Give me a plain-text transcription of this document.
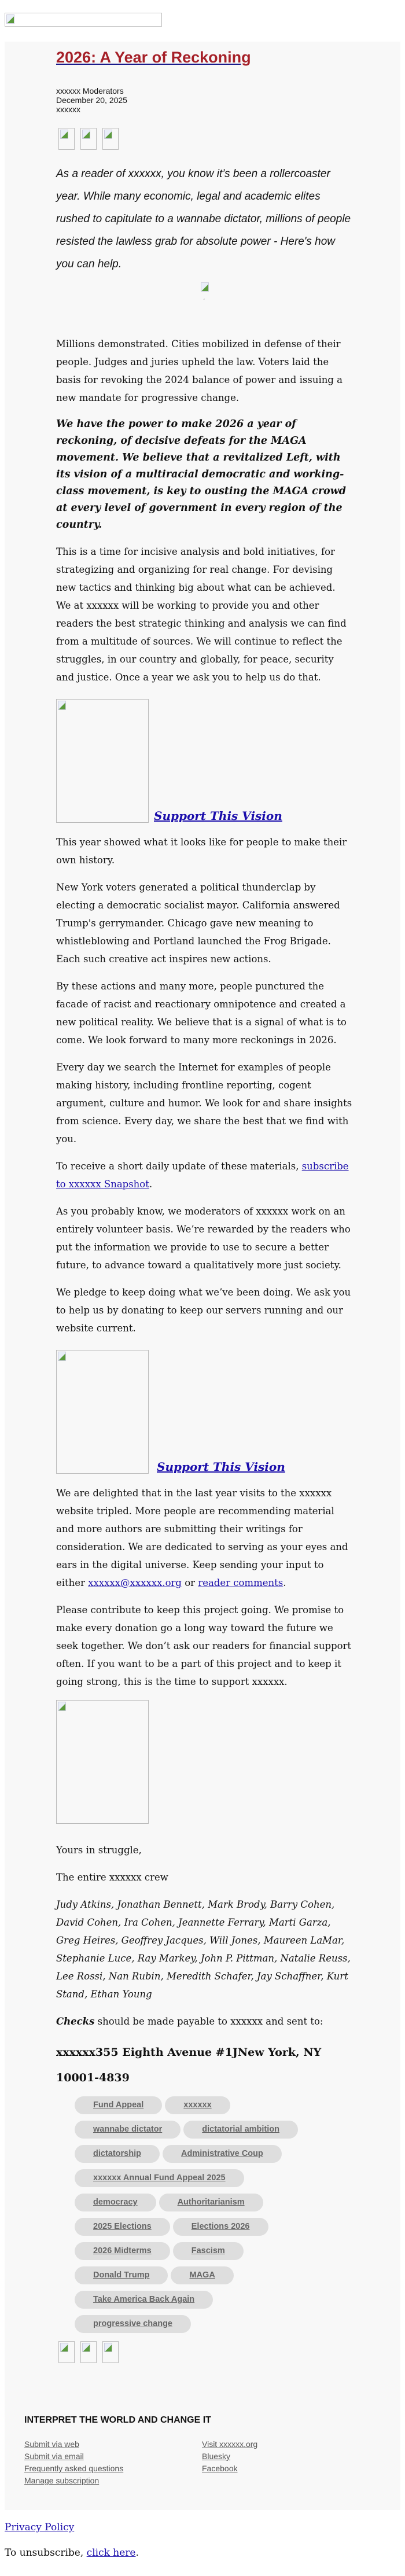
2026: A Year of Reckoning
xxxxxx Moderators
December 20, 2025
xxxxxx
As a reader of xxxxxx, you know it’s been a rollercoaster year. While many economic, legal and academic elites rushed to capitulate to a wannabe dictator, millions of people resisted the lawless grab for absolute power - Here's how you can help.
,

Millions demonstrated. Cities mobilized in defense of their people. Judges and juries upheld the law. Voters laid the basis for revoking the 2024 balance of power and issuing a new mandate for progressive change.

We have the power to make 2026 a year of reckoning, of decisive defeats for the MAGA movement. We believe that a revitalized Left, with its vision of a multiracial democratic and working-class movement, is key to ousting the MAGA crowd at every level of government in every region of the country.

This is a time for incisive analysis and bold initiatives, for strategizing and organizing for real change. For devising new tactics and thinking big about what can be achieved. We at xxxxxx will be working to provide you and other readers the best strategic thinking and analysis we can find from a multitude of sources. We will continue to reflect the struggles, in our country and globally, for peace, security and justice. Once a year we ask you to help us do that.

Support This Vision

This year showed what it looks like for people to make their own history.

New York voters generated a political thunderclap by electing a democratic socialist mayor. California answered Trump's gerrymander. Chicago gave new meaning to whistleblowing and Portland launched the Frog Brigade. Each such creative act inspires new actions.

By these actions and many more, people punctured the facade of racist and reactionary omnipotence and created a new political reality. We believe that is a signal of what is to come. We look forward to many more reckonings in 2026.

Every day we search the Internet for examples of people making history, including frontline reporting, cogent argument, culture and humor. We look for and share insights from science. Every day, we share the best that we find with you.

To receive a short daily update of these materials, subscribe to xxxxxx Snapshot.

As you probably know, we moderators of xxxxxx work on an entirely volunteer basis. We’re rewarded by the readers who put the information we provide to use to secure a better future, to advance toward a qualitatively more just society.

We pledge to keep doing what we’ve been doing. We ask you to help us by donating to keep our servers running and our website current.

Support This Vision

We are delighted that in the last year visits to the xxxxxx website tripled. More people are recommending material and more authors are submitting their writings for consideration. We are dedicated to serving as your eyes and ears in the digital universe. Keep sending your input to either xxxxxx@xxxxxx.org or reader comments.

Please contribute to keep this project going. We promise to make every donation go a long way toward the future we seek together. We don’t ask our readers for financial support often. If you want to be a part of this project and to keep it going strong, this is the time to support xxxxxx.

Yours in struggle,

The entire xxxxxx crew

Judy Atkins, Jonathan Bennett, Mark Brody, Barry Cohen, David Cohen, Ira Cohen, Jeannette Ferrary, Marti Garza, Greg Heires, Geoffrey Jacques, Will Jones, Maureen LaMar, Stephanie Luce, Ray Markey, John P. Pittman, Natalie Reuss, Lee Rossi, Nan Rubin, Meredith Schafer, Jay Schaffner, Kurt Stand, Ethan Young

Checks should be made payable to xxxxxx and sent to:

xxxxxx355 Eighth Avenue #1JNew York, NY 10001-4839
Fund Appeal	xxxxxx
wannabe dictator	dictatorial ambition
dictatorship	Administrative Coup
xxxxxx Annual Fund Appeal 2025
democracy	Authoritarianism
2025 Elections	Elections 2026
2026 Midterms	Fascism
Donald Trump	MAGA
Take America Back Again
progressive change
INTERPRET THE WORLD AND CHANGE IT
Submit via web
Submit via email
Frequently asked questions
Manage subscription
Visit xxxxxx.org
Bluesky
Facebook
Privacy Policy
To unsubscribe, click here.
